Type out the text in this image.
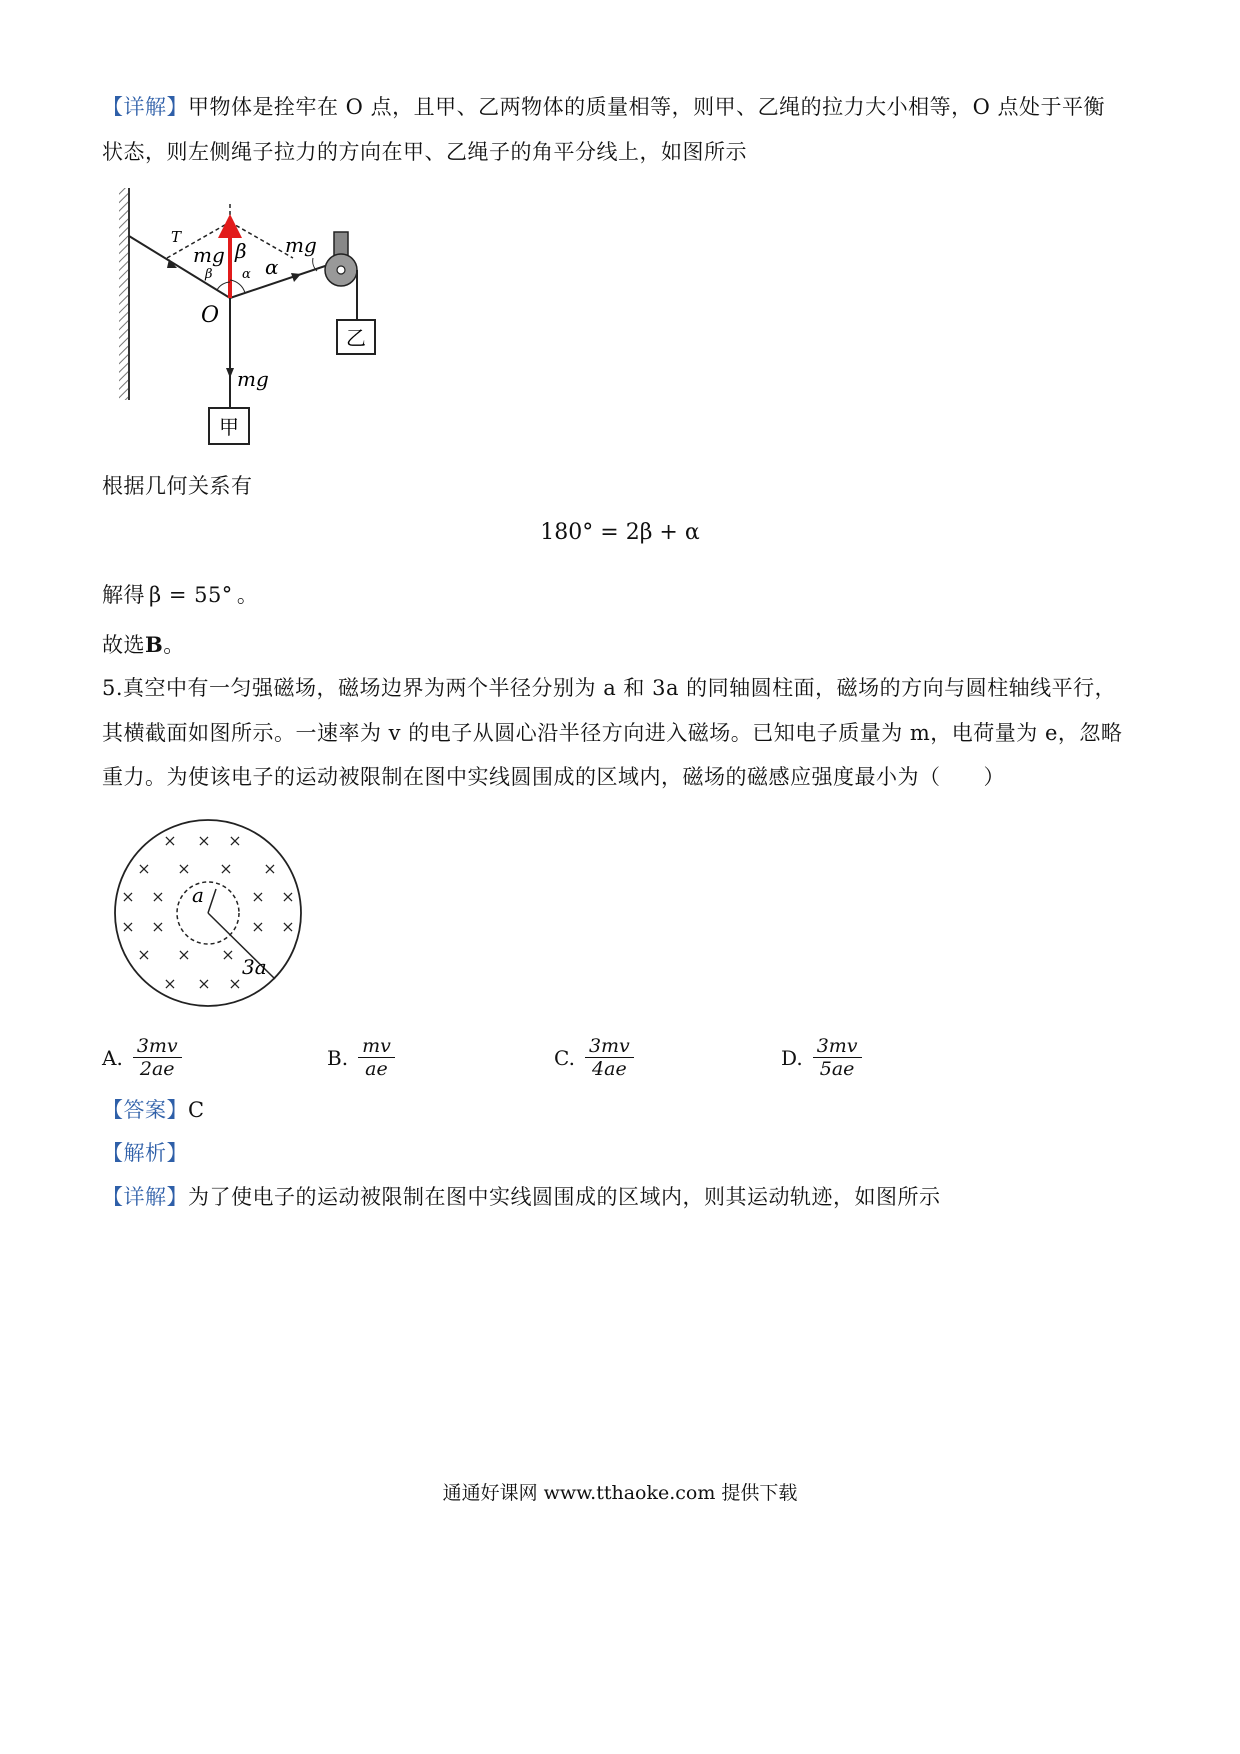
【详解】甲物体是拴牢在 O 点，且甲、乙两物体的质量相等，则甲、乙绳的拉力大小相等，O 点处于平衡
状态，则左侧绳子拉力的方向在甲、乙绳子的角平分线上，如图所示
乙
甲
T
mg β mg
β α α
O
mg
根据几何关系有
180° = 2β + α
解得 β = 55° 。
故选B。
5.真空中有一匀强磁场，磁场边界为两个半径分别为 a 和 3a 的同轴圆柱面，磁场的方向与圆柱轴线平行，
其横截面如图所示。一速率为 v 的电子从圆心沿半径方向进入磁场。已知电子质量为 m，电荷量为 e，忽略
重力。为使该电子的运动被限制在图中实线圆围成的区域内，磁场的磁感应强度最小为（　　）
a
3a
× × ×
× × × ×
× ×	× ×
× ×	× ×
× × ×
× × ×
A. $\frac{3mv}{2ae}$	B. $\frac{mv}{ae}$	C. $\frac{3mv}{4ae}$	D. $\frac{3mv}{5ae}$
【答案】C
【解析】
【详解】为了使电子的运动被限制在图中实线圆围成的区域内，则其运动轨迹，如图所示
通通好课网 www.tthaoke.com 提供下载
